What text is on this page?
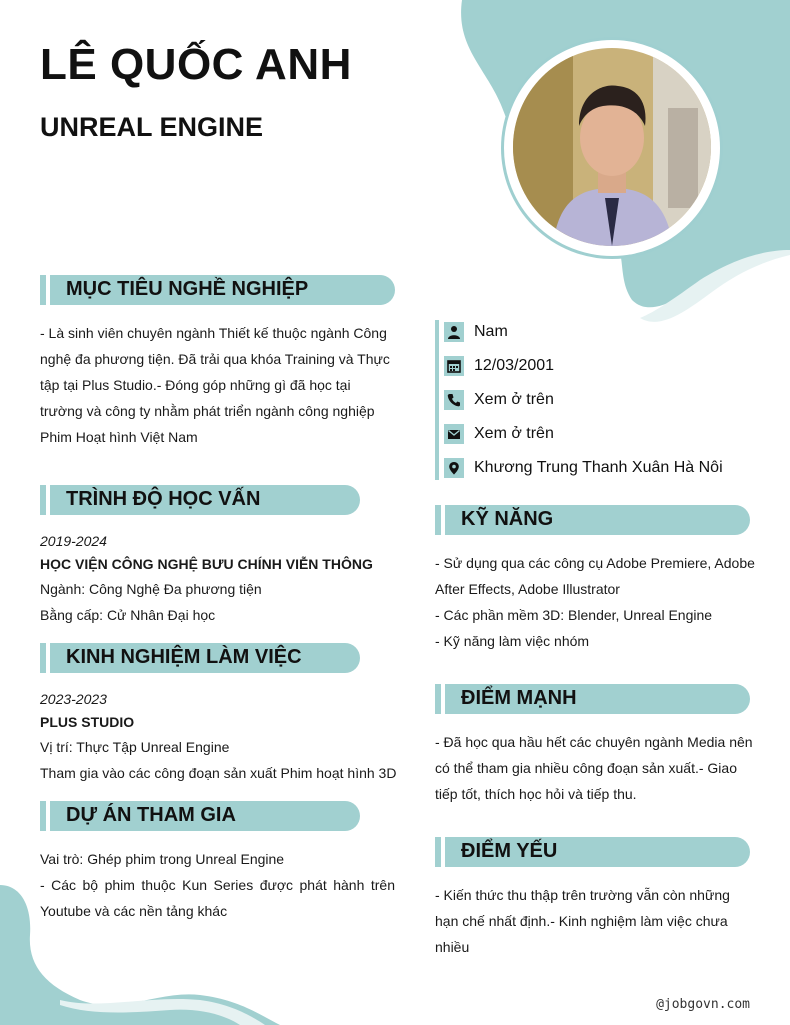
LÊ QUỐC ANH
UNREAL ENGINE
MỤC TIÊU NGHỀ NGHIỆP
- Là sinh viên chuyên ngành Thiết kế thuộc ngành Công nghệ đa phương tiện. Đã trải qua khóa Training và Thực tập tại Plus Studio.- Đóng góp những gì đã học tại trường và công ty nhằm phát triển ngành công nghiệp Phim Hoạt hình Việt Nam
TRÌNH ĐỘ HỌC VẤN
2019-2024
HỌC VIỆN CÔNG NGHỆ BƯU CHÍNH VIỄN THÔNG
Ngành: Công Nghệ Đa phương tiện
Bằng cấp: Cử Nhân Đại học
KINH NGHIỆM LÀM VIỆC
2023-2023
PLUS STUDIO
Vị trí: Thực Tập Unreal Engine
Tham gia vào các công đoạn sản xuất Phim hoạt hình 3D
DỰ ÁN THAM GIA
Vai trò: Ghép phim trong Unreal Engine
- Các bộ phim thuộc Kun Series được phát hành trên Youtube và các nền tảng khác
Nam
12/03/2001
Xem ở trên
Xem ở trên
Khương Trung Thanh Xuân Hà Nôi
KỸ NĂNG
- Sử dụng qua các công cụ Adobe Premiere, Adobe After Effects, Adobe Illustrator
- Các phần mềm 3D: Blender, Unreal Engine
- Kỹ năng làm việc nhóm
ĐIỂM MẠNH
- Đã học qua hầu hết các chuyên ngành Media nên có thể tham gia nhiều công đoạn sản xuất.- Giao tiếp tốt, thích học hỏi và tiếp thu.
ĐIỂM YẾU
- Kiến thức thu thập trên trường vẫn còn những hạn chế nhất định.- Kinh nghiệm làm việc chưa nhiều
@jobgovn.com
